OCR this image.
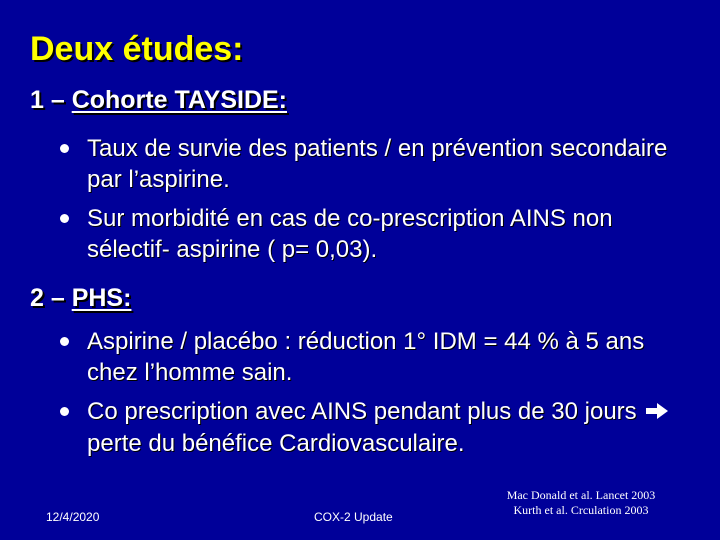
Deux études:
1 – Cohorte TAYSIDE:
Taux de survie des patients / en prévention secondaire par l’aspirine.
Sur morbidité en cas de co-prescription AINS non sélectif- aspirine ( p= 0,03).
2 – PHS:
Aspirine / placébo : réduction 1° IDM = 44 % à 5 ans chez l’homme sain.
Co prescription avec AINS pendant plus de 30 jours  perte du bénéfice Cardiovasculaire.
12/4/2020	COX-2 Update
Mac Donald et al. Lancet 2003
Kurth et al. Crculation 2003
